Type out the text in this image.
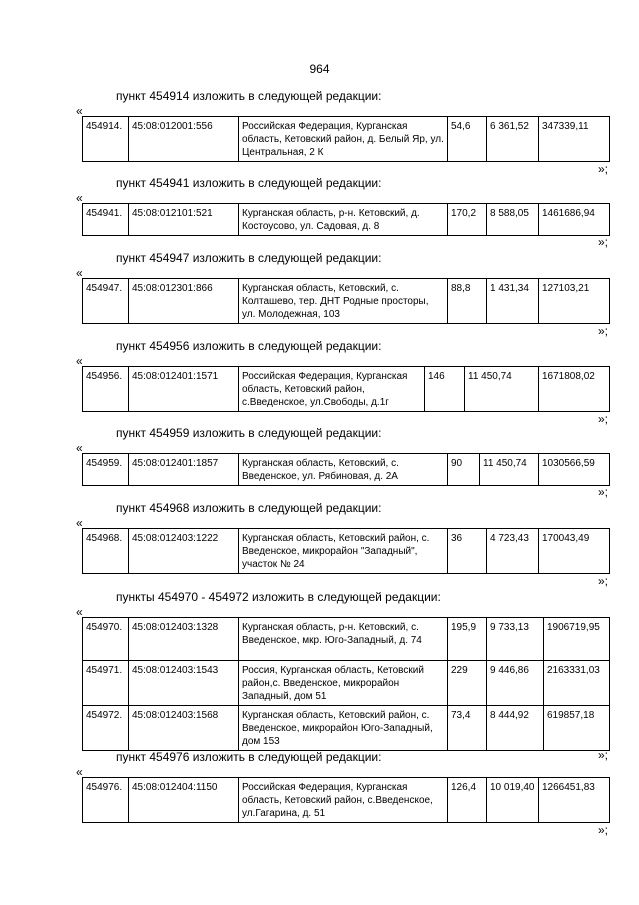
964
пункт 454914 изложить в следующей редакции:
«
454914.	45:08:012001:556	Российская Федерация, Курганская область, Кетовский район, д. Белый Яр, ул. Центральная, 2 К	54,6	6 361,52	347339,11
»;
пункт 454941 изложить в следующей редакции:
«
454941.	45:08:012101:521	Курганская область, р-н. Кетовский, д. Костоусово, ул. Садовая, д. 8	170,2	8 588,05	1461686,94
»;
пункт 454947 изложить в следующей редакции:
«
454947.	45:08:012301:866	Курганская область, Кетовский, с. Колташево, тер. ДНТ Родные просторы, ул. Молодежная, 103	88,8	1 431,34	127103,21
»;
пункт 454956 изложить в следующей редакции:
«
454956.	45:08:012401:1571	Российская Федерация, Курганская область, Кетовский район, с.Введенское, ул.Свободы, д.1г	146	11 450,74	1671808,02
»;
пункт 454959 изложить в следующей редакции:
«
454959.	45:08:012401:1857	Курганская область, Кетовский, с. Введенское, ул. Рябиновая, д. 2А	90	11 450,74	1030566,59
»;
пункт 454968 изложить в следующей редакции:
«
454968.	45:08:012403:1222	Курганская область, Кетовский район, с. Введенское, микрорайон "Западный", участок № 24	36	4 723,43	170043,49
»;
пункты 454970 - 454972 изложить в следующей редакции:
«
454970.	45:08:012403:1328	Курганская область, р-н. Кетовский, с. Введенское, мкр. Юго-Западный, д. 74	195,9	9 733,13	1906719,95
454971.	45:08:012403:1543	Россия, Курганская область, Кетовский район,с. Введенское, микрорайон Западный, дом 51	229	9 446,86	2163331,03
454972.	45:08:012403:1568	Курганская область, Кетовский район, с. Введенское, микрорайон Юго-Западный, дом 153	73,4	8 444,92	619857,18
»;
пункт 454976 изложить в следующей редакции:
«
454976.	45:08:012404:1150	Российская Федерация, Курганская область, Кетовский район, с.Введенское, ул.Гагарина, д. 51	126,4	10 019,40	1266451,83
»;
